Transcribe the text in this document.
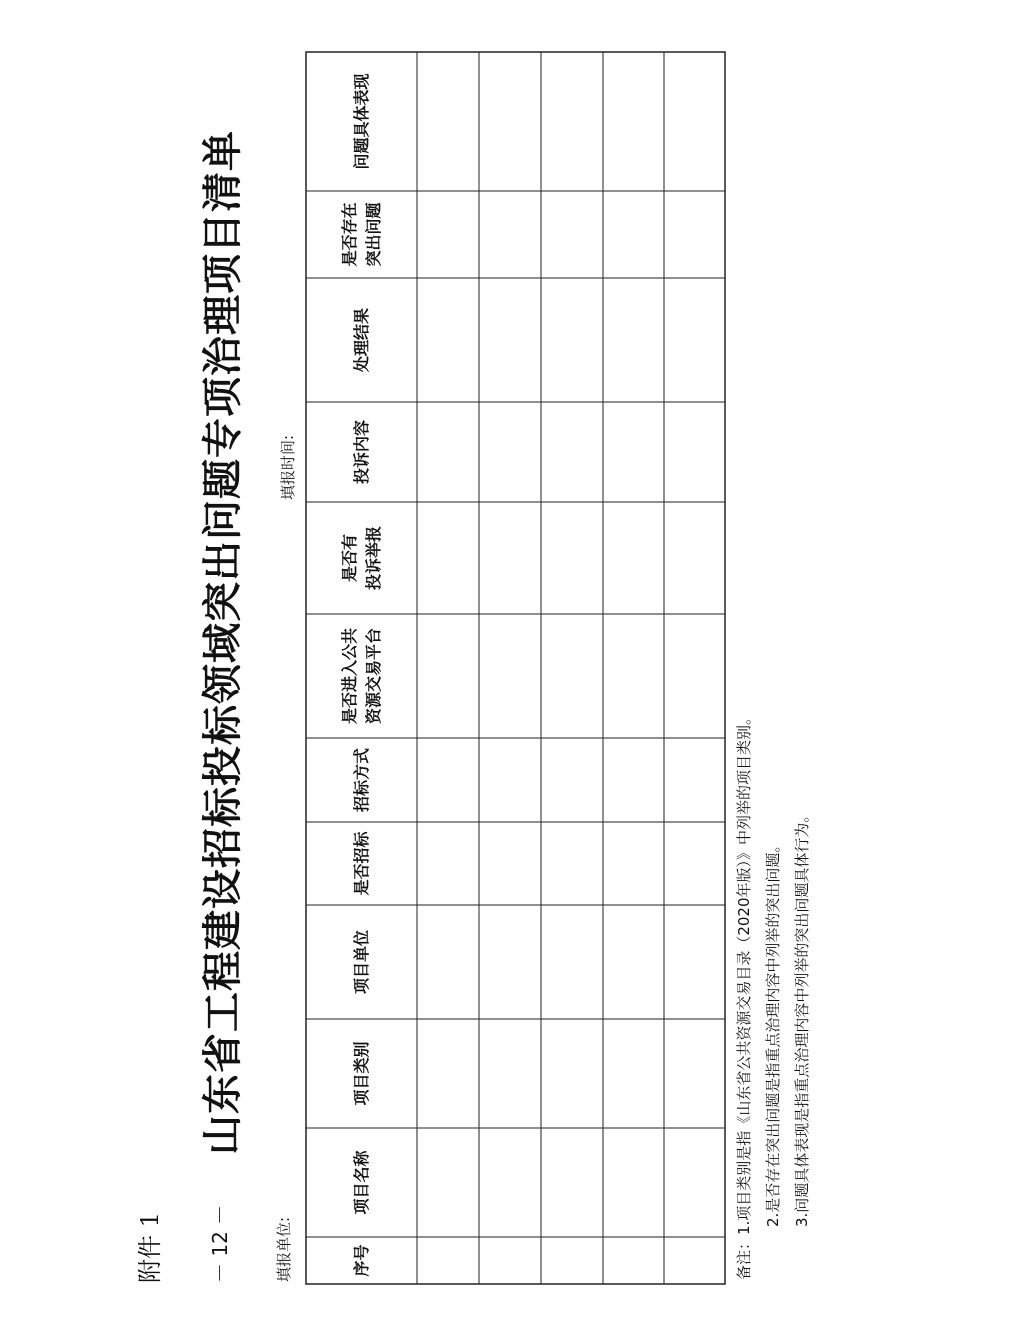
附件 1
山东省工程建设招标投标领域突出问题专项治理项目清单
填报单位:
填报时间:
序号
项目名称
项目类别
项目单位
是否招标
招标方式
是否进入公共
资源交易平台
是否有
投诉举报
投诉内容
处理结果
是否存在
突出问题
问题具体表现
备注：1.项目类别是指《山东省公共资源交易目录（2020年版）》中列举的项目类别。 2.是否存在突出问题是指重点治理内容中列举的突出问题。 3.问题具体表现是指重点治理内容中列举的突出问题具体行为。
－ 12 －
